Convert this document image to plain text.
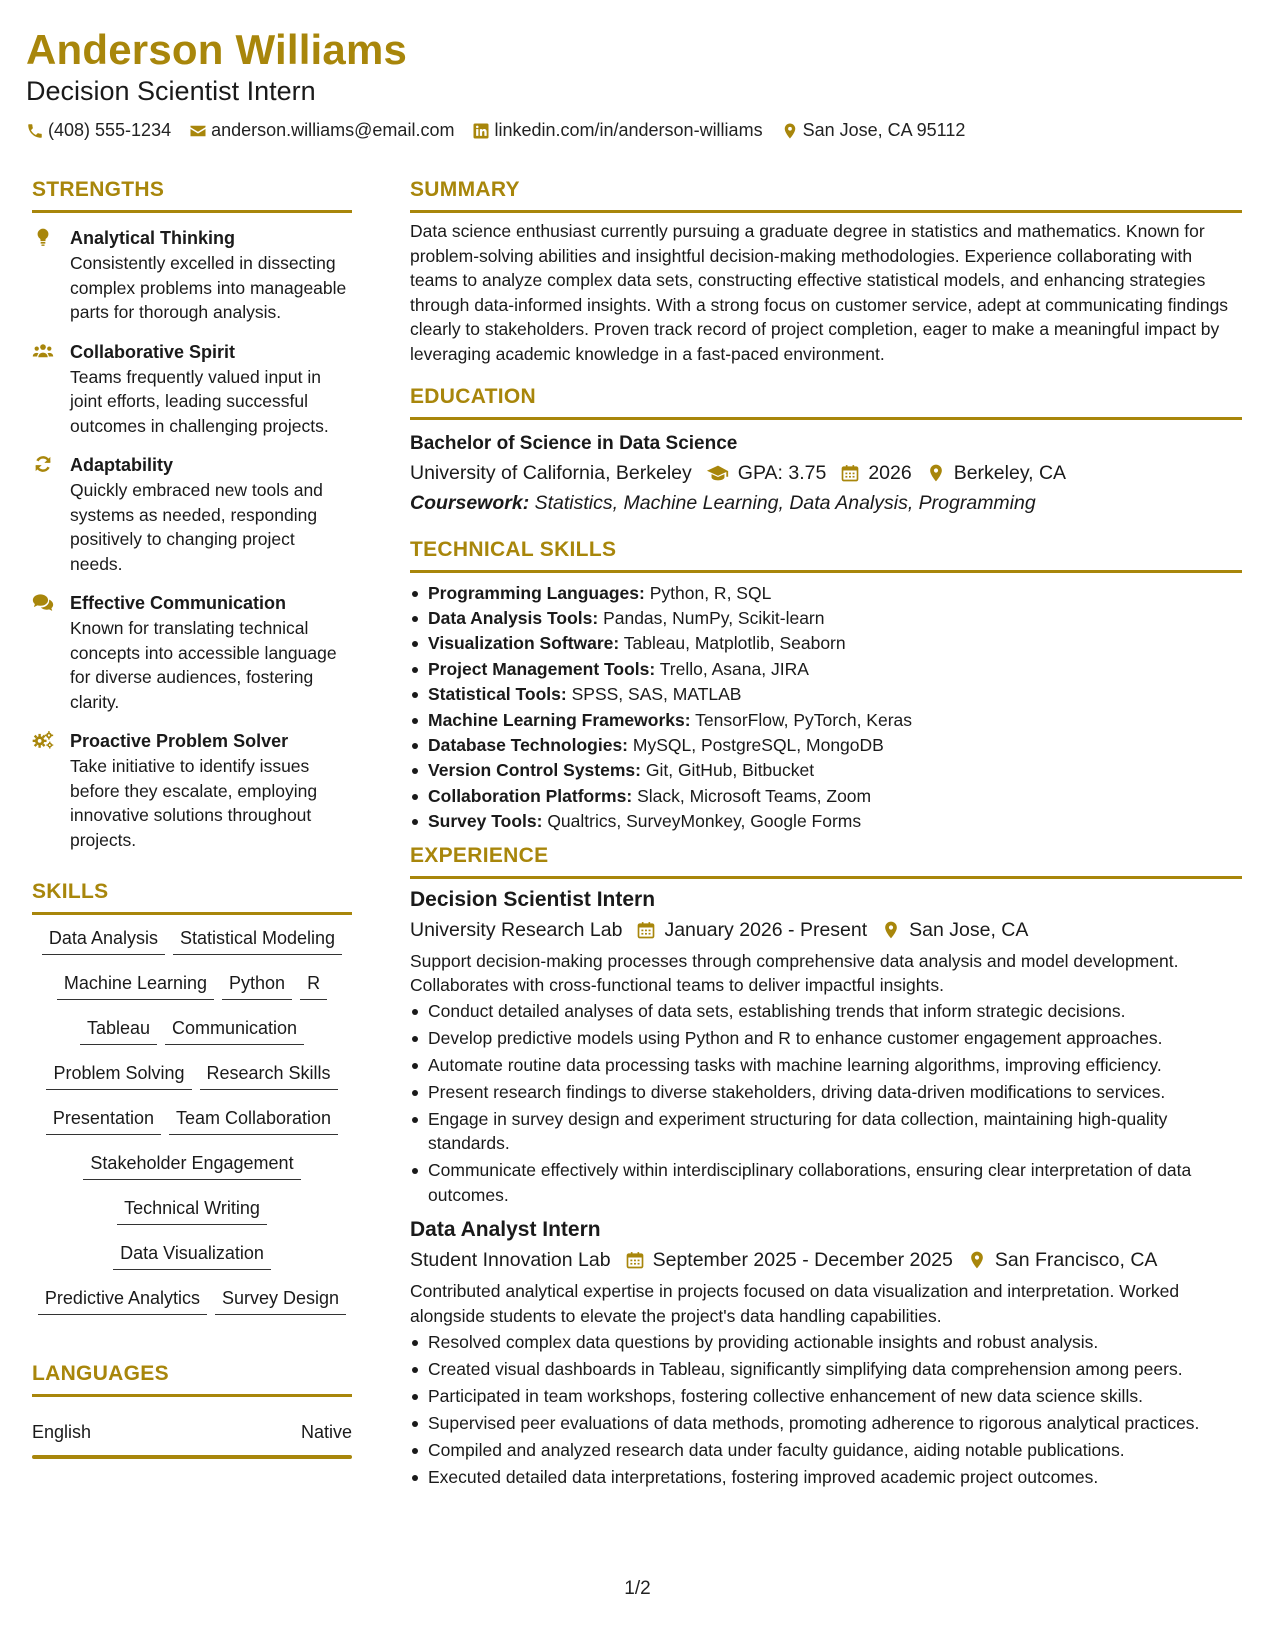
Anderson Williams
Decision Scientist Intern
(408) 555-1234 anderson.williams@email.com linkedin.com/in/anderson-williams San Jose, CA 95112
STRENGTHS
Analytical Thinking
Consistently excelled in dissecting complex problems into manageable parts for thorough analysis.
Collaborative Spirit
Teams frequently valued input in joint efforts, leading successful outcomes in challenging projects.
Adaptability
Quickly embraced new tools and systems as needed, responding positively to changing project needs.
Effective Communication
Known for translating technical concepts into accessible language for diverse audiences, fostering clarity.
Proactive Problem Solver
Take initiative to identify issues before they escalate, employing innovative solutions throughout projects.
SKILLS
Data Analysis	Statistical Modeling
Machine Learning	Python	R
Tableau	Communication
Problem Solving	Research Skills
Presentation	Team Collaboration
Stakeholder Engagement
Technical Writing
Data Visualization
Predictive Analytics	Survey Design
LANGUAGES
English	Native
SUMMARY
Data science enthusiast currently pursuing a graduate degree in statistics and mathematics. Known for problem-solving abilities and insightful decision-making methodologies. Experience collaborating with teams to analyze complex data sets, constructing effective statistical models, and enhancing strategies through data-informed insights. With a strong focus on customer service, adept at communicating findings clearly to stakeholders. Proven track record of project completion, eager to make a meaningful impact by leveraging academic knowledge in a fast-paced environment.
EDUCATION
Bachelor of Science in Data Science
University of California, Berkeley GPA: 3.75 2026 Berkeley, CA
Coursework: Statistics, Machine Learning, Data Analysis, Programming
TECHNICAL SKILLS
Programming Languages: Python, R, SQL
Data Analysis Tools: Pandas, NumPy, Scikit-learn
Visualization Software: Tableau, Matplotlib, Seaborn
Project Management Tools: Trello, Asana, JIRA
Statistical Tools: SPSS, SAS, MATLAB
Machine Learning Frameworks: TensorFlow, PyTorch, Keras
Database Technologies: MySQL, PostgreSQL, MongoDB
Version Control Systems: Git, GitHub, Bitbucket
Collaboration Platforms: Slack, Microsoft Teams, Zoom
Survey Tools: Qualtrics, SurveyMonkey, Google Forms
EXPERIENCE
Decision Scientist Intern
University Research Lab January 2026 - Present San Jose, CA
Support decision-making processes through comprehensive data analysis and model development. Collaborates with cross-functional teams to deliver impactful insights.
Conduct detailed analyses of data sets, establishing trends that inform strategic decisions.
Develop predictive models using Python and R to enhance customer engagement approaches.
Automate routine data processing tasks with machine learning algorithms, improving efficiency.
Present research findings to diverse stakeholders, driving data-driven modifications to services.
Engage in survey design and experiment structuring for data collection, maintaining high-quality standards.
Communicate effectively within interdisciplinary collaborations, ensuring clear interpretation of data outcomes.
Data Analyst Intern
Student Innovation Lab September 2025 - December 2025 San Francisco, CA
Contributed analytical expertise in projects focused on data visualization and interpretation. Worked alongside students to elevate the project's data handling capabilities.
Resolved complex data questions by providing actionable insights and robust analysis.
Created visual dashboards in Tableau, significantly simplifying data comprehension among peers.
Participated in team workshops, fostering collective enhancement of new data science skills.
Supervised peer evaluations of data methods, promoting adherence to rigorous analytical practices.
Compiled and analyzed research data under faculty guidance, aiding notable publications.
Executed detailed data interpretations, fostering improved academic project outcomes.
1/2
